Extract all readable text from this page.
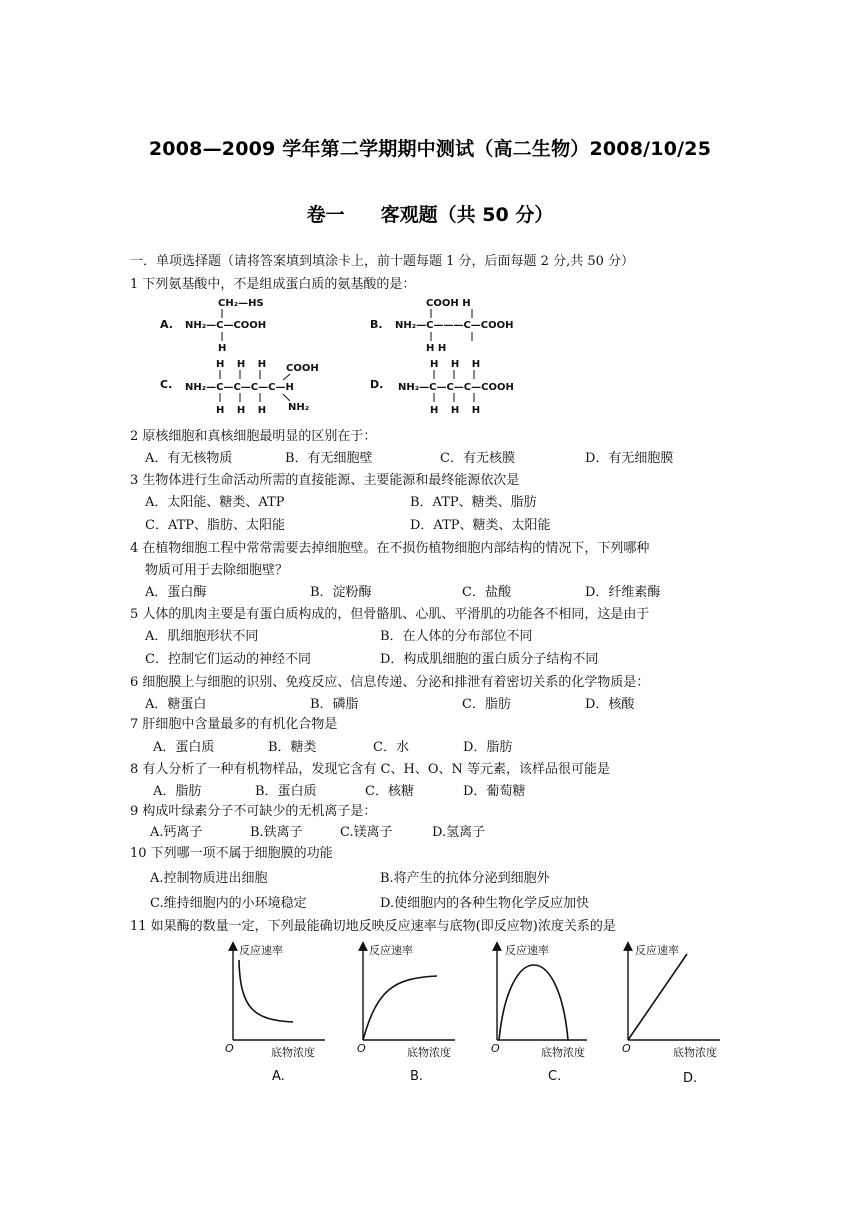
2008—2009 学年第二学期期中测试（高二生物）2008/10/25
卷一 客观题（共 50 分）
一．单项选择题（请将答案填到填涂卡上，前十题每题 1 分，后面每题 2 分,共 50 分）
1 下列氨基酸中，不是组成蛋白质的氨基酸的是：
A.
CH₂—HS
NH₂—C—COOH
H
B.
COOH H
NH₂—C———C—COOH
H H
C.
H H H COOH
NH₂—C—C—C—C—H
H H H NH₂
D.
H H H
NH₂—C—C—C—COOH
H H H
2 原核细胞和真核细胞最明显的区别在于：
A．有无核物质	B．有无细胞壁	C．有无核膜	D．有无细胞膜
3 生物体进行生命活动所需的直接能源、主要能源和最终能源依次是
A．太阳能、糖类、ATP	B．ATP、糖类、脂肪
C．ATP、脂肪、太阳能	D．ATP、糖类、太阳能
4 在植物细胞工程中常常需要去掉细胞壁。在不损伤植物细胞内部结构的情况下，下列哪种
物质可用于去除细胞壁？
A．蛋白酶	B．淀粉酶	C．盐酸	D．纤维素酶
5 人体的肌肉主要是有蛋白质构成的，但骨骼肌、心肌、平滑肌的功能各不相同，这是由于
A．肌细胞形状不同	B．在人体的分布部位不同
C．控制它们运动的神经不同	D．构成肌细胞的蛋白质分子结构不同
6 细胞膜上与细胞的识别、免疫反应、信息传递、分泌和排泄有着密切关系的化学物质是：
A．糖蛋白	B．磷脂	C．脂肪	D．核酸
7 肝细胞中含量最多的有机化合物是
A．蛋白质	B．糖类	C．水	D．脂肪
8 有人分析了一种有机物样品，发现它含有 C、H、O、N 等元素，该样品很可能是
A．脂肪	B．蛋白质	C．核糖	D．葡萄糖
9 构成叶绿素分子不可缺少的无机离子是：
A.钙离子	B.铁离子	C.镁离子	D.氢离子
10 下列哪一项不属于细胞膜的功能
A.控制物质进出细胞	B.将产生的抗体分泌到细胞外
C.维持细胞内的小环境稳定	D.使细胞内的各种生物化学反应加快
11 如果酶的数量一定，下列最能确切地反映反应速率与底物(即反应物)浓度关系的是
反应速率
O	底物浓度
A.
反应速率
O	底物浓度
B.
反应速率
O	底物浓度
C.
反应速率
O	底物浓度
D.
